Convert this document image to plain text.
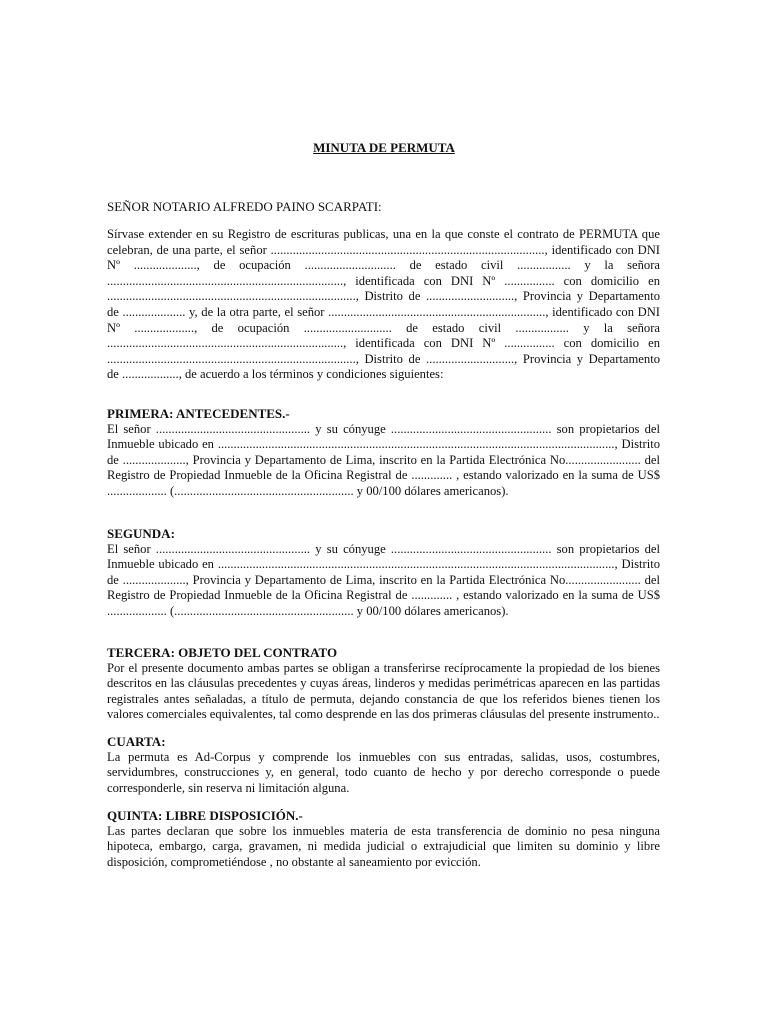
MINUTA DE PERMUTA
SEÑOR NOTARIO ALFREDO PAINO SCARPATI:

Sírvase extender en su Registro de escrituras publicas, una en la que conste el contrato de PERMUTA que celebran, de una parte, el señor ......................................................................................., identificado con DNI Nº ...................., de ocupación ............................. de estado civil ................. y la señora ..........................................................................., identificada con DNI Nº ................ con domicilio en ..............................................................................., Distrito de ............................, Provincia y Departamento de .................... y, de la otra parte, el señor ....................................................................., identificado con DNI Nº ..................., de ocupación ............................ de estado civil ................. y la señora ..........................................................................., identificada con DNI Nº ................ con domicilio en ..............................................................................., Distrito de ............................, Provincia y Departamento de .................., de acuerdo a los términos y condiciones siguientes:

PRIMERA: ANTECEDENTES.-

El señor ................................................. y su cónyuge ................................................... son propietarios del Inmueble ubicado en .............................................................................................................................., Distrito de ...................., Provincia y Departamento de Lima, inscrito en la Partida Electrónica No........................ del Registro de Propiedad Inmueble de la Oficina Registral de ............. , estando valorizado en la suma de US$ ................... (......................................................... y 00/100 dólares americanos).

SEGUNDA:

El señor ................................................. y su cónyuge ................................................... son propietarios del Inmueble ubicado en .............................................................................................................................., Distrito de ...................., Provincia y Departamento de Lima, inscrito en la Partida Electrónica No........................ del Registro de Propiedad Inmueble de la Oficina Registral de ............. , estando valorizado en la suma de US$ ................... (......................................................... y 00/100 dólares americanos).

TERCERA: OBJETO DEL CONTRATO

Por el presente documento ambas partes se obligan a transferirse recíprocamente la propiedad de los bienes descritos en las cláusulas precedentes y cuyas áreas, linderos y medidas perimétricas aparecen en las partidas registrales antes señaladas, a título de permuta, dejando constancia de que los referidos bienes tienen los valores comerciales equivalentes, tal como desprende en las dos primeras cláusulas del presente instrumento..

CUARTA:

La permuta es Ad-Corpus y comprende los inmuebles con sus entradas, salidas, usos, costumbres, servidumbres, construcciones y, en general, todo cuanto de hecho y por derecho corresponde o puede corresponderle, sin reserva ni limitación alguna.

QUINTA: LIBRE DISPOSICIÓN.-

Las partes declaran que sobre los inmuebles materia de esta transferencia de dominio no pesa ninguna hipoteca, embargo, carga, gravamen, ni medida judicial o extrajudicial que limiten su dominio y libre disposición, comprometiéndose , no obstante al saneamiento por evicción.
